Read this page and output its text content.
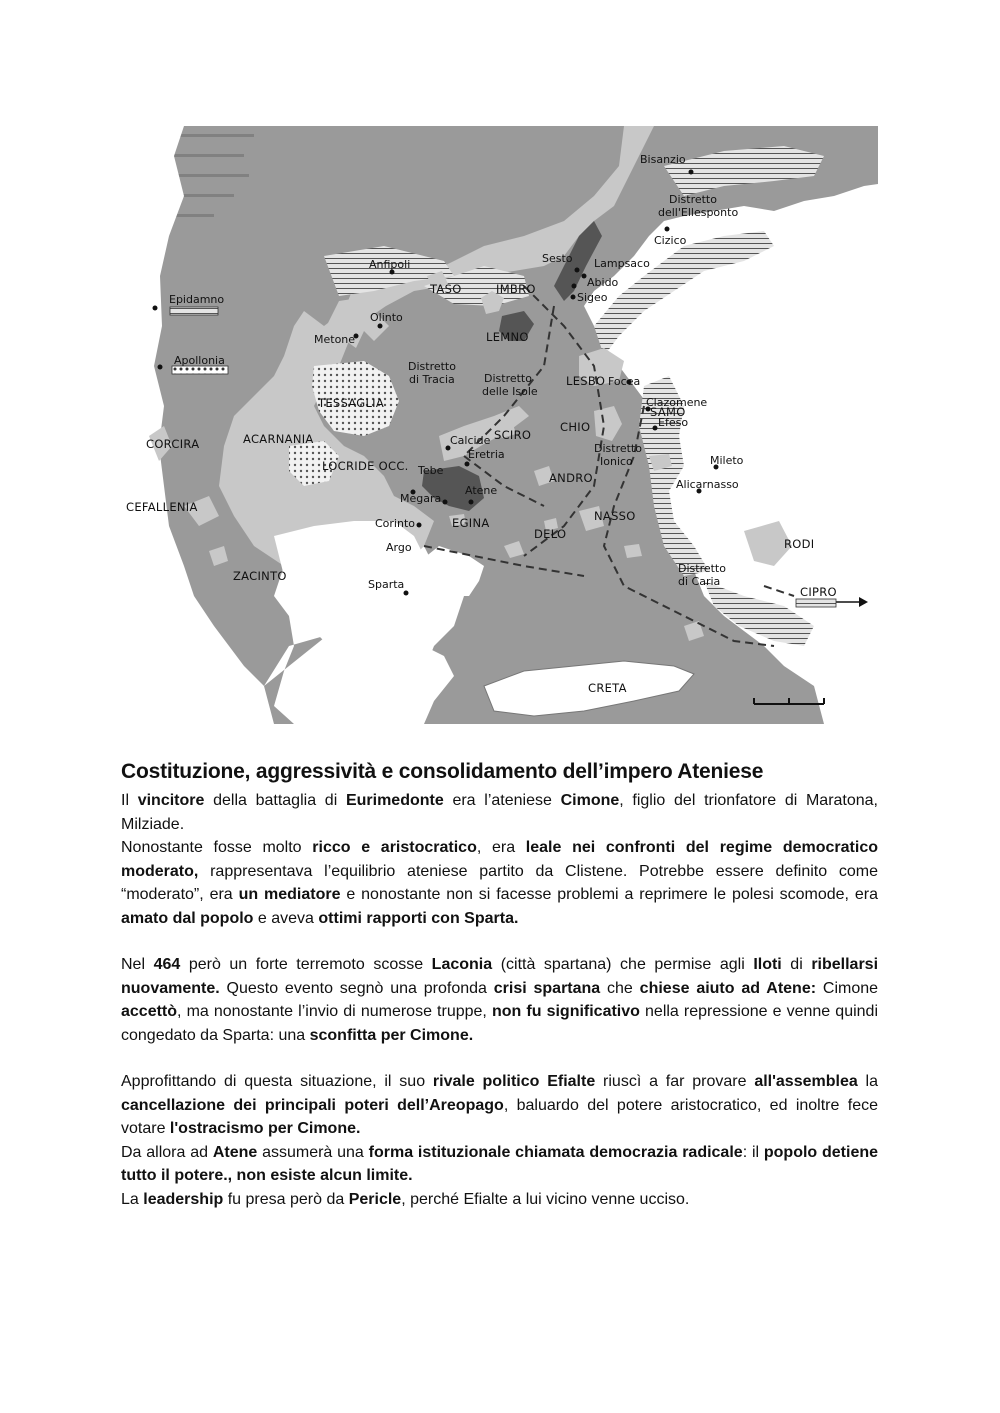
Bisanzio
Distretto
dell'Ellesponto
Cizico
Sesto Lampsaco
Abido
Sigeo
Anfipoli
TASO	IMBRO
Epidamno
Apollonia
Olinto
Metone	LEMNO
Distretto
di Tracia	Distretto
delle Isole
LESBO Focea
TESSAGLIA	Clazomene
Efeso
CHIO
SAMO
CORCIRA	ACARNANIA	Calcide
Eretria
SCIRO
Distretto
Ionico	Mileto
LOCRIDE OCC. Tebe
Atene
ANDRO	Alicarnasso
Megara
CEFALLENIA
Corinto	EGINA	NASSO
DELO
Argo	RODI
ZACINTO
Sparta
Distretto
di Caria
CIPRO
CRETA
Costituzione, aggressività e consolidamento dell’impero Ateniese

Il vincitore della battaglia di Eurimedonte era l’ateniese Cimone, figlio del trionfatore di Maratona, Milziade.

Nonostante fosse molto ricco e aristocratico, era leale nei confronti del regime democratico moderato, rappresentava l’equilibrio ateniese partito da Clistene. Potrebbe essere definito come “moderato”, era un mediatore e nonostante non si facesse problemi a reprimere le polesi scomode, era amato dal popolo e aveva ottimi rapporti con Sparta.

Nel 464 però un forte terremoto scosse Laconia (città spartana) che permise agli Iloti di ribellarsi nuovamente. Questo evento segnò una profonda crisi spartana che chiese aiuto ad Atene: Cimone accettò, ma nonostante l’invio di numerose truppe, non fu significativo nella repressione e venne quindi congedato da Sparta: una sconfitta per Cimone.

Approfittando di questa situazione, il suo rivale politico Efialte riuscì a far provare all'assemblea la cancellazione dei principali poteri dell’Areopago, baluardo del potere aristocratico, ed inoltre fece votare l'ostracismo per Cimone.

Da allora ad Atene assumerà una forma istituzionale chiamata democrazia radicale: il popolo detiene tutto il potere., non esiste alcun limite.

La leadership fu presa però da Pericle, perché Efialte a lui vicino venne ucciso.
